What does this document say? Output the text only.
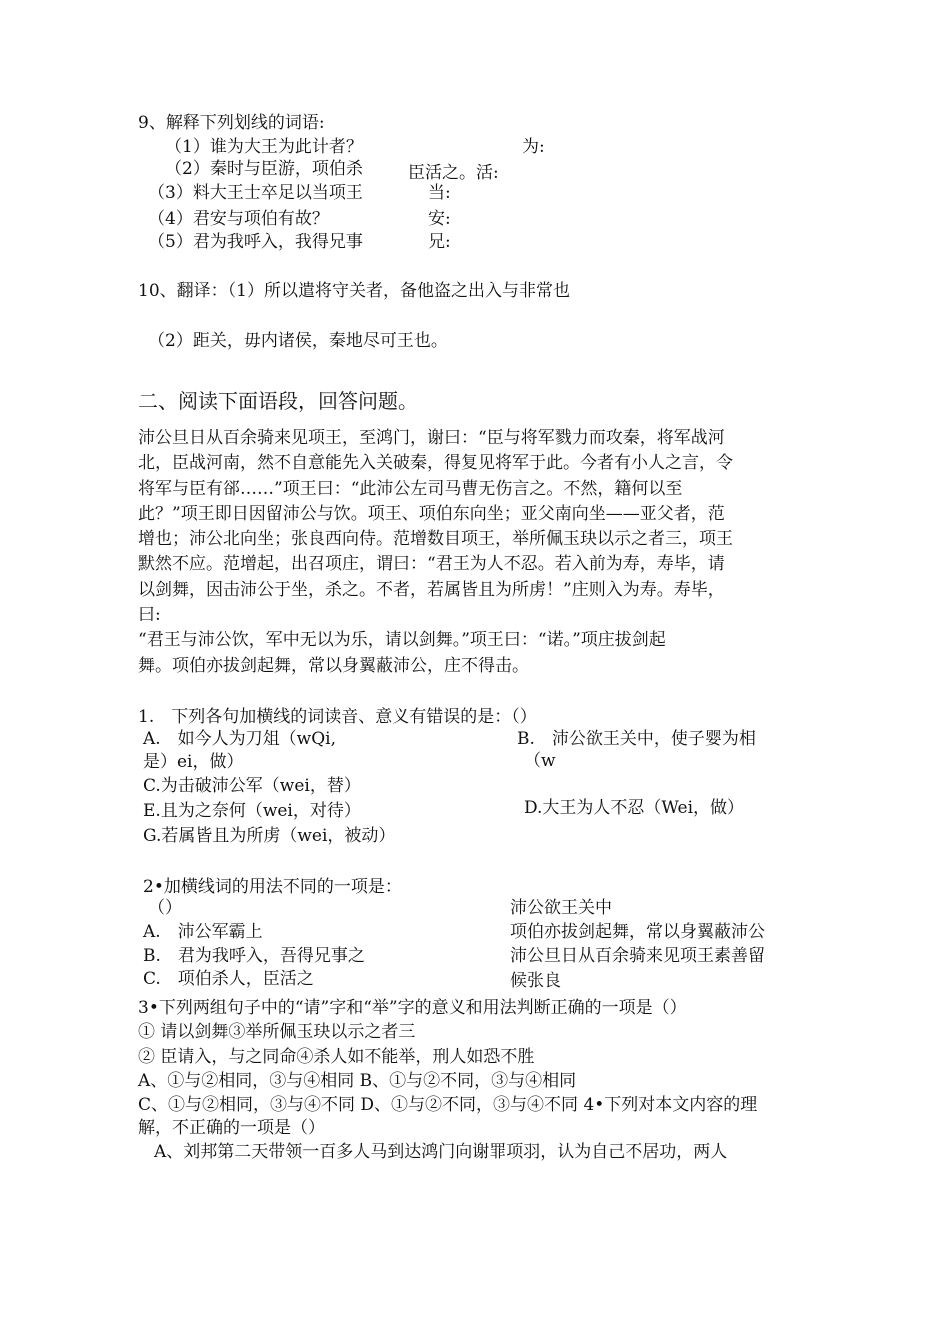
9、解释下列划线的词语:
（1）谁为大王为此计者？	为:
（2）秦时与臣游，项伯杀	臣活之。活:
（3）料大王士卒足以当项王	当:
（4）君安与项伯有故？	安:
（5）君为我呼入，我得兄事	兄:
10、翻译：（1）所以遣将守关者，备他盗之出入与非常也
（2）距关，毋内诸侯，秦地尽可王也。
二、阅读下面语段，回答问题。
沛公旦日从百余骑来见项王，至鸿门，谢曰：“臣与将军戮力而攻秦，将军战河
北，臣战河南，然不自意能先入关破秦，得复见将军于此。今者有小人之言，令
将军与臣有郤……”项王曰：“此沛公左司马曹无伤言之。不然，籍何以至
此？”项王即日因留沛公与饮。项王、项伯东向坐；亚父南向坐——亚父者，范
增也；沛公北向坐；张良西向侍。范增数目项王，举所佩玉玦以示之者三，项王
默然不应。范增起，出召项庄，谓曰：“君王为人不忍。若入前为寿，寿毕，请
以剑舞，因击沛公于坐，杀之。不者，若属皆且为所虏！”庄则入为寿。寿毕，
曰:
“君王与沛公饮，军中无以为乐，请以剑舞。”项王曰：“诺。”项庄拔剑起
舞。项伯亦拔剑起舞，常以身翼蔽沛公，庄不得击。
1.　下列各句加横线的词读音、意义有错误的是：（）
A.　如今人为刀俎（wQi,	B.　沛公欲王关中，使子婴为相
是）ei，做）	（w
C.为击破沛公军（wei，替）
E.且为之奈何（wei，对待）	D.大王为人不忍（Wei，做）
G.若属皆且为所虏（wei，被动）
2•加横线词的用法不同的一项是：
（）	沛公欲王关中
A.　沛公军霸上	项伯亦拔剑起舞，常以身翼蔽沛公
B.　君为我呼入，吾得兄事之	沛公旦日从百余骑来见项王素善留
C.　项伯杀人，臣活之	候张良
3•下列两组句子中的“请”字和“举”字的意义和用法判断正确的一项是（）
① 请以剑舞③举所佩玉玦以示之者三
② 臣请入，与之同命④杀人如不能举，刑人如恐不胜
A、①与②相同，③与④相同 B、①与②不同，③与④相同
C、①与②相同，③与④不同 D、①与②不同，③与④不同 4•下列对本文内容的理
解，不正确的一项是（）
A、刘邦第二天带领一百多人马到达鸿门向谢罪项羽，认为自己不居功，两人
